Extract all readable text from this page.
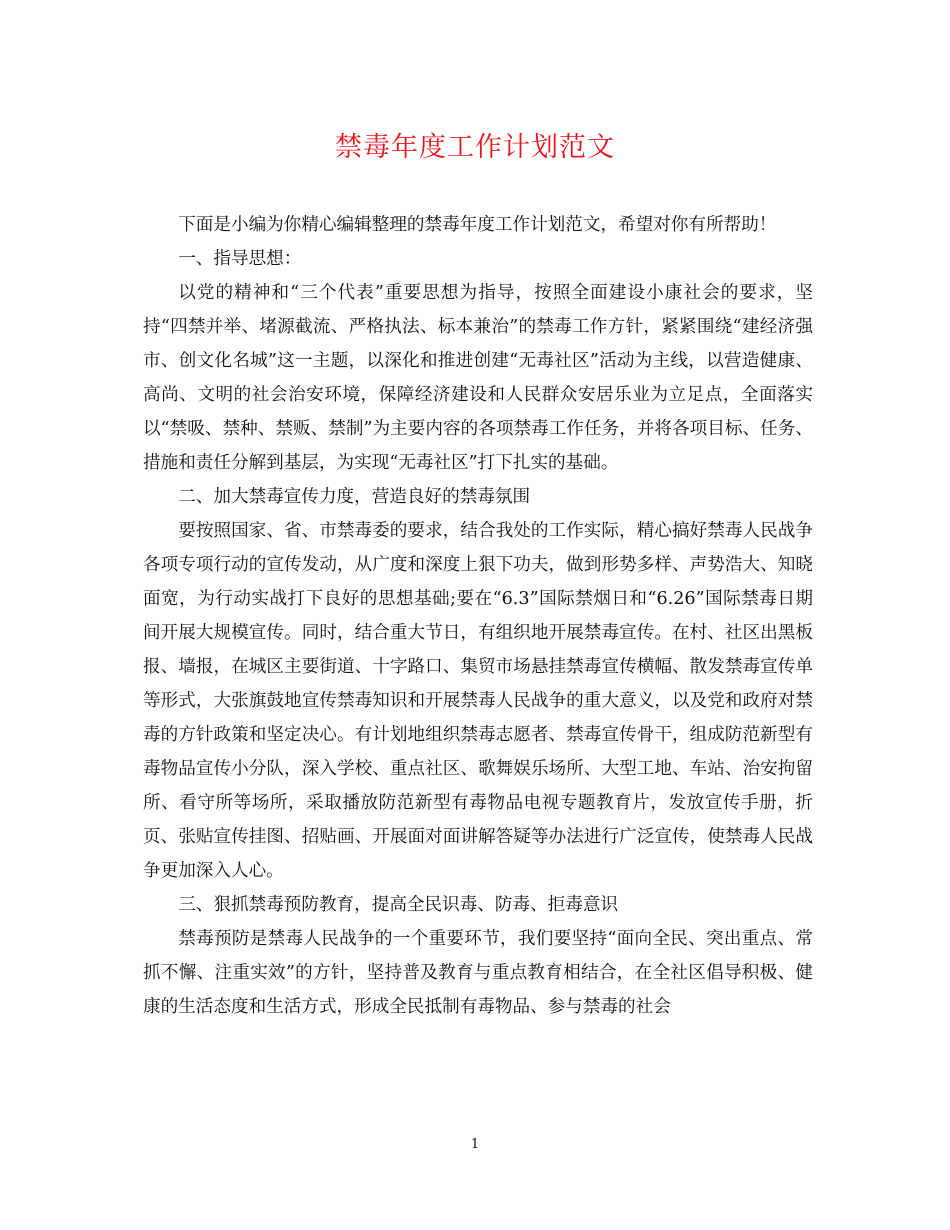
禁毒年度工作计划范文

下面是小编为你精心编辑整理的禁毒年度工作计划范文，希望对你有所帮助！

一、指导思想：

以党的精神和“三个代表”重要思想为指导，按照全面建设小康社会的要求，坚持“四禁并举、堵源截流、严格执法、标本兼治”的禁毒工作方针，紧紧围绕“建经济强市、创文化名城”这一主题，以深化和推进创建“无毒社区”活动为主线，以营造健康、高尚、文明的社会治安环境，保障经济建设和人民群众安居乐业为立足点，全面落实以“禁吸、禁种、禁贩、禁制”为主要内容的各项禁毒工作任务，并将各项目标、任务、措施和责任分解到基层，为实现“无毒社区”打下扎实的基础。

二、加大禁毒宣传力度，营造良好的禁毒氛围

要按照国家、省、市禁毒委的要求，结合我处的工作实际，精心搞好禁毒人民战争各项专项行动的宣传发动，从广度和深度上狠下功夫，做到形势多样、声势浩大、知晓面宽，为行动实战打下良好的思想基础;要在“6.3”国际禁烟日和“6.26”国际禁毒日期间开展大规模宣传。同时，结合重大节日，有组织地开展禁毒宣传。在村、社区出黑板报、墙报，在城区主要街道、十字路口、集贸市场悬挂禁毒宣传横幅、散发禁毒宣传单等形式，大张旗鼓地宣传禁毒知识和开展禁毒人民战争的重大意义，以及党和政府对禁毒的方针政策和坚定决心。有计划地组织禁毒志愿者、禁毒宣传骨干，组成防范新型有毒物品宣传小分队，深入学校、重点社区、歌舞娱乐场所、大型工地、车站、治安拘留所、看守所等场所，采取播放防范新型有毒物品电视专题教育片，发放宣传手册，折页、张贴宣传挂图、招贴画、开展面对面讲解答疑等办法进行广泛宣传，使禁毒人民战争更加深入人心。

三、狠抓禁毒预防教育，提高全民识毒、防毒、拒毒意识

禁毒预防是禁毒人民战争的一个重要环节，我们要坚持“面向全民、突出重点、常抓不懈、注重实效”的方针，坚持普及教育与重点教育相结合，在全社区倡导积极、健康的生活态度和生活方式，形成全民抵制有毒物品、参与禁毒的社会

1
